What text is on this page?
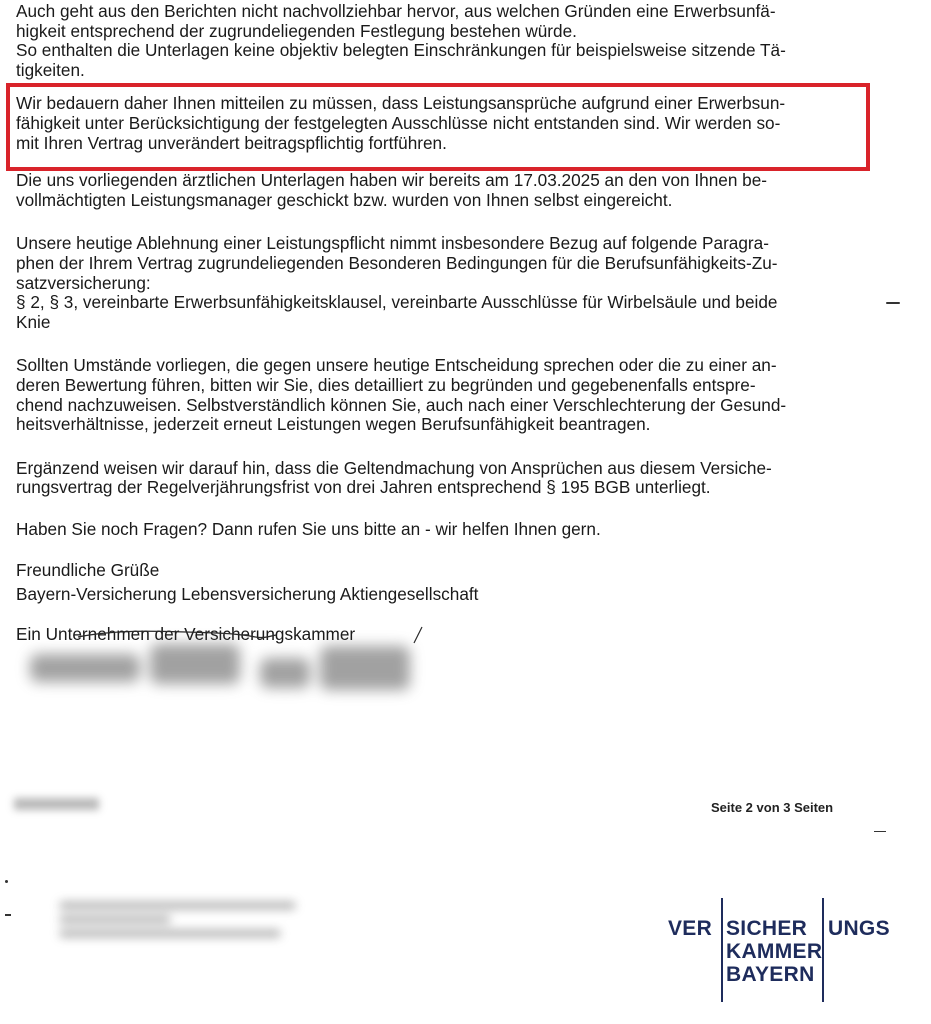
Auch geht aus den Berichten nicht nachvollziehbar hervor, aus welchen Gründen eine Erwerbsunfä-

higkeit entsprechend der zugrundeliegenden Festlegung bestehen würde.

So enthalten die Unterlagen keine objektiv belegten Einschränkungen für beispielsweise sitzende Tä-

tigkeiten.

Wir bedauern daher Ihnen mitteilen zu müssen, dass Leistungsansprüche aufgrund einer Erwerbsun-

fähigkeit unter Berücksichtigung der festgelegten Ausschlüsse nicht entstanden sind. Wir werden so-

mit Ihren Vertrag unverändert beitragspflichtig fortführen.

Die uns vorliegenden ärztlichen Unterlagen haben wir bereits am 17.03.2025 an den von Ihnen be-

vollmächtigten Leistungsmanager geschickt bzw. wurden von Ihnen selbst eingereicht.

Unsere heutige Ablehnung einer Leistungspflicht nimmt insbesondere Bezug auf folgende Paragra-

phen der Ihrem Vertrag zugrundeliegenden Besonderen Bedingungen für die Berufsunfähigkeits-Zu-

satzversicherung:

§ 2, § 3, vereinbarte Erwerbsunfähigkeitsklausel, vereinbarte Ausschlüsse für Wirbelsäule und beide

Knie

Sollten Umstände vorliegen, die gegen unsere heutige Entscheidung sprechen oder die zu einer an-

deren Bewertung führen, bitten wir Sie, dies detailliert zu begründen und gegebenenfalls entspre-

chend nachzuweisen. Selbstverständlich können Sie, auch nach einer Verschlechterung der Gesund-

heitsverhältnisse, jederzeit erneut Leistungen wegen Berufsunfähigkeit beantragen.

Ergänzend weisen wir darauf hin, dass die Geltendmachung von Ansprüchen aus diesem Versiche-

rungsvertrag der Regelverjährungsfrist von drei Jahren entsprechend § 195 BGB unterliegt.

Haben Sie noch Fragen? Dann rufen Sie uns bitte an - wir helfen Ihnen gern.

Freundliche Grüße

Bayern-Versicherung Lebensversicherung Aktiengesellschaft

Ein Unternehmen der Versicherungskammer

Seite 2 von 3 Seiten
VER SICHER UNGS
KAMMER
BAYERN
